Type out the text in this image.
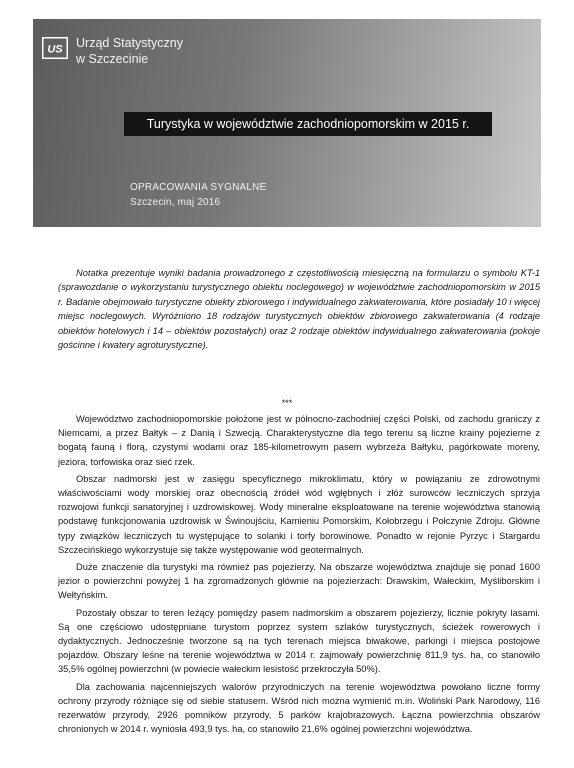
US Urząd Statystyczny
w Szczecinie
Turystyka w województwie zachodniopomorskim w 2015 r.
OPRACOWANIA SYGNALNE
Szczecin, maj 2016

Notatka prezentuje wyniki badania prowadzonego z częstotliwością miesięczną na formularzu o symbolu KT-1 (sprawozdanie o wykorzystaniu turystycznego obiektu noclegowego) w województwie zachodniopomorskim w 2015 r. Badanie obejmowało turystyczne obiekty zbiorowego i indywidualnego zakwaterowania, które posiadały 10 i więcej miejsc noclegowych. Wyróżniono 18 rodzajów turystycznych obiektów zbiorowego zakwaterowania (4 rodzaje obiektów hotelowych i 14 – obiektów pozostałych) oraz 2 rodzaje obiektów indywidualnego zakwaterowania (pokoje gościnne i kwatery agroturystyczne).

***

Województwo zachodniopomorskie położone jest w północno-zachodniej części Polski, od zachodu graniczy z Niemcami, a przez Bałtyk – z Danią i Szwecją. Charakterystyczne dla tego terenu są liczne krainy pojezierne z bogatą fauną i florą, czystymi wodami oraz 185-kilometrowym pasem wybrzeża Bałtyku, pagórkowate moreny, jeziora, torfowiska oraz sieć rzek.

Obszar nadmorski jest w zasięgu specyficznego mikroklimatu, który w powiązaniu ze zdrowotnymi właściwościami wody morskiej oraz obecnością źródeł wód wgłębnych i złóż surowców leczniczych sprzyja rozwojowi funkcji sanatoryjnej i uzdrowiskowej. Wody mineralne eksploatowane na terenie województwa stanowią podstawę funkcjonowania uzdrowisk w Świnoujściu, Kamieniu Pomorskim, Kołobrzegu i Połczynie Zdroju. Główne typy związków leczniczych tu występujące to solanki i torfy borowinowe. Ponadto w rejonie Pyrzyc i Stargardu Szczecińskiego wykorzystuje się także występowanie wód geotermalnych.

Duże znaczenie dla turystyki ma również pas pojezierzy. Na obszarze województwa znajduje się ponad 1600 jezior o powierzchni powyżej 1 ha zgromadzonych głównie na pojezierzach: Drawskim, Wałeckim, Myśliborskim i Wełtyńskim.

Pozostały obszar to teren leżący pomiędzy pasem nadmorskim a obszarem pojezierzy, licznie pokryty lasami. Są one częściowo udostępniane turystom poprzez system szlaków turystycznych, ścieżek rowerowych i dydaktycznych. Jednocześnie tworzone są na tych terenach miejsca biwakowe, parkingi i miejsca postojowe pojazdów. Obszary leśne na terenie województwa w 2014 r. zajmowały powierzchnię 811,9 tys. ha, co stanowiło 35,5% ogólnej powierzchni (w powiecie wałeckim lesistość przekroczyła 50%).

Dla zachowania najcenniejszych walorów przyrodniczych na terenie województwa powołano liczne formy ochrony przyrody różniące się od siebie statusem. Wśród nich można wymienić m.in. Woliński Park Narodowy, 116 rezerwatów przyrody, 2926 pomników przyrody, 5 parków krajobrazowych. Łączna powierzchnia obszarów chronionych w 2014 r. wyniosła 493,9 tys. ha, co stanowiło 21,6% ogólnej powierzchni województwa.
